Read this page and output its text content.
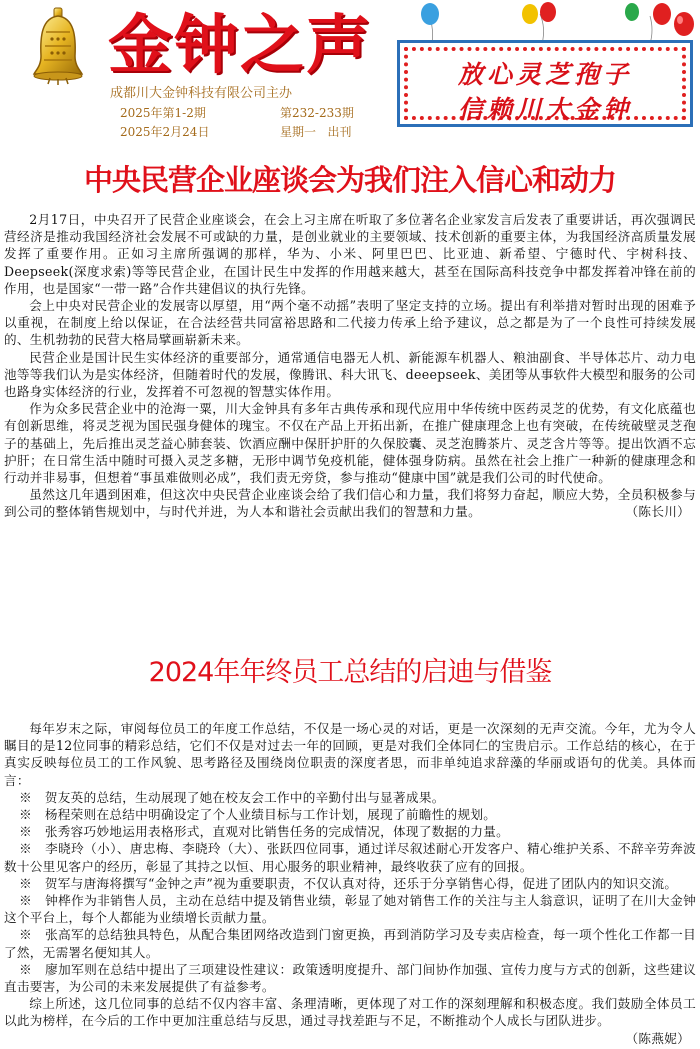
金钟之声
成都川大金钟科技有限公司主办
2025年第1-2期	第232-233期
2025年2月24日	星期一 出刊
放心灵芝孢子
信赖川大金钟
中央民营企业座谈会为我们注入信心和动力

2月17日，中央召开了民营企业座谈会，在会上习主席在听取了多位著名企业家发言后发表了重要讲话，再次强调民营经济是推动我国经济社会发展不可或缺的力量，是创业就业的主要领域、技术创新的重要主体，为我国经济高质量发展发挥了重要作用。正如习主席所强调的那样，华为、小米、阿里巴巴、比亚迪、新希望、宁德时代、宇树科技、Deepseek(深度求索)等等民营企业，在国计民生中发挥的作用越来越大，甚至在国际高科技竞争中都发挥着冲锋在前的作用，也是国家“一带一路”合作共建倡议的执行先锋。

会上中央对民营企业的发展寄以厚望，用“两个毫不动摇”表明了坚定支持的立场。提出有利举措对暂时出现的困难予以重视，在制度上给以保证，在合法经营共同富裕思路和二代接力传承上给予建议，总之都是为了一个良性可持续发展的、生机勃勃的民营大格局擘画崭新未来。

民营企业是国计民生实体经济的重要部分，通常通信电器无人机、新能源车机器人、粮油副食、半导体芯片、动力电池等等我们认为是实体经济，但随着时代的发展，像腾讯、科大讯飞、deeepseek、美团等从事软件大模型和服务的公司也路身实体经济的行业，发挥着不可忽视的智慧实体作用。

作为众多民营企业中的沧海一粟，川大金钟具有多年古典传承和现代应用中华传统中医药灵芝的优势，有文化底蕴也有创新思维，将灵芝视为国民强身健体的瑰宝。不仅在产品上开拓出新，在推广健康理念上也有突破，在传统破壁灵芝孢子的基础上，先后推出灵芝益心肺套装、饮酒应酬中保肝护肝的久保胶囊、灵芝泡腾茶片、灵芝含片等等。提出饮酒不忘护肝；在日常生活中随时可摄入灵芝多糖，无形中调节免疫机能，健体强身防病。虽然在社会上推广一种新的健康理念和行动并非易事，但想着“事虽难做则必成”，我们责无旁贷，参与推动“健康中国”就是我们公司的时代使命。

虽然这几年遇到困难，但这次中央民营企业座谈会给了我们信心和力量，我们将努力奋起，顺应大势，全员积极参与到公司的整体销售规划中，与时代并进，为人本和谐社会贡献出我们的智慧和力量。	（陈长川）

2024年年终员工总结的启迪与借鉴

每年岁末之际，审阅每位员工的年度工作总结，不仅是一场心灵的对话，更是一次深刻的无声交流。今年，尤为令人瞩目的是12位同事的精彩总结，它们不仅是对过去一年的回顾，更是对我们全体同仁的宝贵启示。工作总结的核心，在于真实反映每位员工的工作风貌、思考路径及围绕岗位职责的深度者思，而非单纯追求辞藻的华丽或语句的优美。具体而言：

※　贺友英的总结，生动展现了她在校友会工作中的辛勤付出与显著成果。

※　杨程荣则在总结中明确设定了个人业绩目标与工作计划，展现了前瞻性的规划。

※　张秀容巧妙地运用表格形式，直观对比销售任务的完成情况，体现了数据的力量。

※　李晓玲（小）、唐忠梅、李晓玲（大）、张跃四位同事，通过详尽叙述耐心开发客户、精心维护关系、不辞辛劳奔波数十公里见客户的经历，彰显了其持之以恒、用心服务的职业精神，最终收获了应有的回报。

※　贺军与唐海将撰写“金钟之声”视为重要职责，不仅认真对待，还乐于分享销售心得，促进了团队内的知识交流。

※　钟桦作为非销售人员，主动在总结中提及销售业绩，彰显了她对销售工作的关注与主人翁意识，证明了在川大金钟这个平台上，每个人都能为业绩增长贡献力量。

※　张高军的总结独具特色，从配合集团网络改造到门窗更换，再到消防学习及专卖店检查，每一项个性化工作都一目了然，无需署名便知其人。

※　廖加军则在总结中提出了三项建设性建议：政策透明度提升、部门间协作加强、宣传力度与方式的创新，这些建议直击要害，为公司的未来发展提供了有益参考。

综上所述，这几位同事的总结不仅内容丰富、条理清晰，更体现了对工作的深刻理解和积极态度。我们鼓励全体员工以此为榜样，在今后的工作中更加注重总结与反思，通过寻找差距与不足，不断推动个人成长与团队进步。
（陈燕妮）
